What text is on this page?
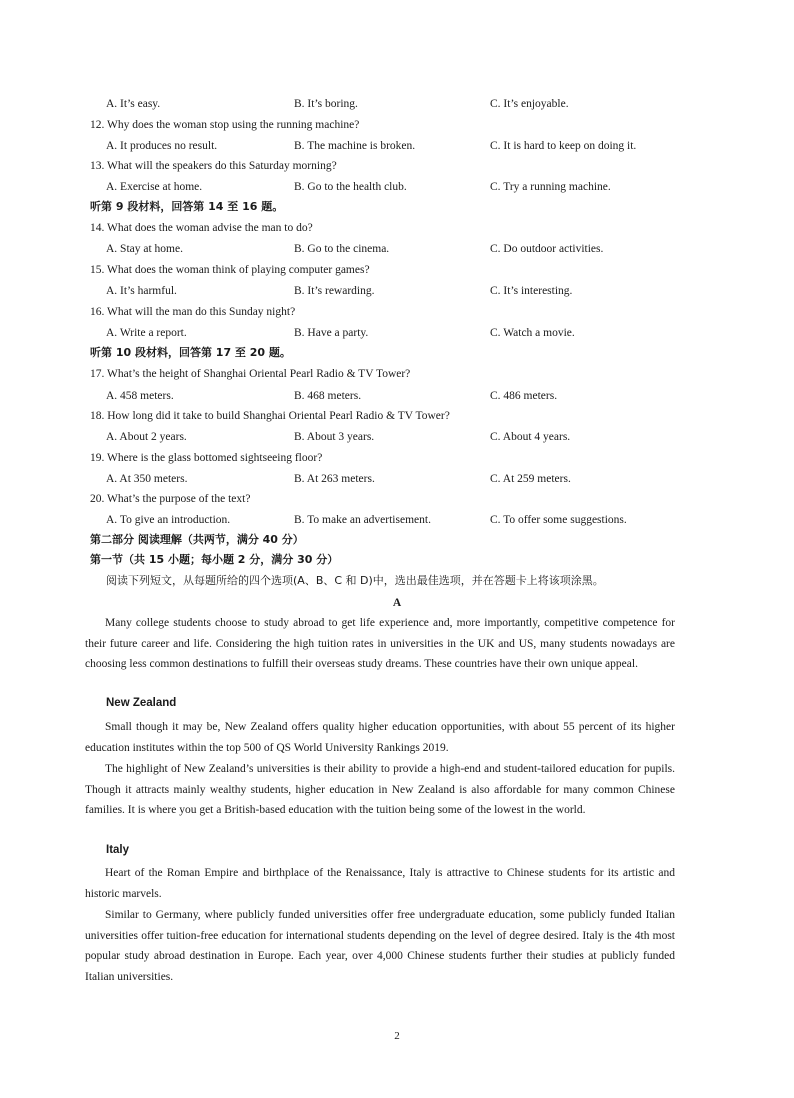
A. It’s easy.	B. It’s boring.	C. It’s enjoyable.
12. Why does the woman stop using the running machine?
A. It produces no result.	B. The machine is broken.	C. It is hard to keep on doing it.
13. What will the speakers do this Saturday morning?
A. Exercise at home.	B. Go to the health club.	C. Try a running machine.
听第 9 段材料，回答第 14 至 16 题。
14. What does the woman advise the man to do?
A. Stay at home.	B. Go to the cinema.	C. Do outdoor activities.
15. What does the woman think of playing computer games?
A. It’s harmful.	B. It’s rewarding.	C. It’s interesting.
16. What will the man do this Sunday night?
A. Write a report.	B. Have a party.	C. Watch a movie.
听第 10 段材料，回答第 17 至 20 题。
17. What’s the height of Shanghai Oriental Pearl Radio & TV Tower?
A. 458 meters.	B. 468 meters.	C. 486 meters.
18. How long did it take to build Shanghai Oriental Pearl Radio & TV Tower?
A. About 2 years.	B. About 3 years.	C. About 4 years.
19. Where is the glass bottomed sightseeing floor?
A. At 350 meters.	B. At 263 meters.	C. At 259 meters.
20. What’s the purpose of the text?
A. To give an introduction.	B. To make an advertisement.	C. To offer some suggestions.
第二部分 阅读理解（共两节，满分 40 分）
第一节（共 15 小题；每小题 2 分，满分 30 分）
阅读下列短文，从每题所给的四个选项(A、B、C 和 D)中，选出最佳选项，并在答题卡上将该项涂黑。
A
Many college students choose to study abroad to get life experience and, more importantly, competitive competence for their future career and life. Considering the high tuition rates in universities in the UK and US, many students nowadays are choosing less common destinations to fulfill their overseas study dreams. These countries have their own unique appeal.
New Zealand
Small though it may be, New Zealand offers quality higher education opportunities, with about 55 percent of its higher education institutes within the top 500 of QS World University Rankings 2019.
The highlight of New Zealand’s universities is their ability to provide a high-end and student-tailored education for pupils. Though it attracts mainly wealthy students, higher education in New Zealand is also affordable for many common Chinese families. It is where you get a British-based education with the tuition being some of the lowest in the world.
Italy
Heart of the Roman Empire and birthplace of the Renaissance, Italy is attractive to Chinese students for its artistic and historic marvels.
Similar to Germany, where publicly funded universities offer free undergraduate education, some publicly funded Italian universities offer tuition-free education for international students depending on the level of degree desired. Italy is the 4th most popular study abroad destination in Europe. Each year, over 4,000 Chinese students further their studies at publicly funded Italian universities.
2
